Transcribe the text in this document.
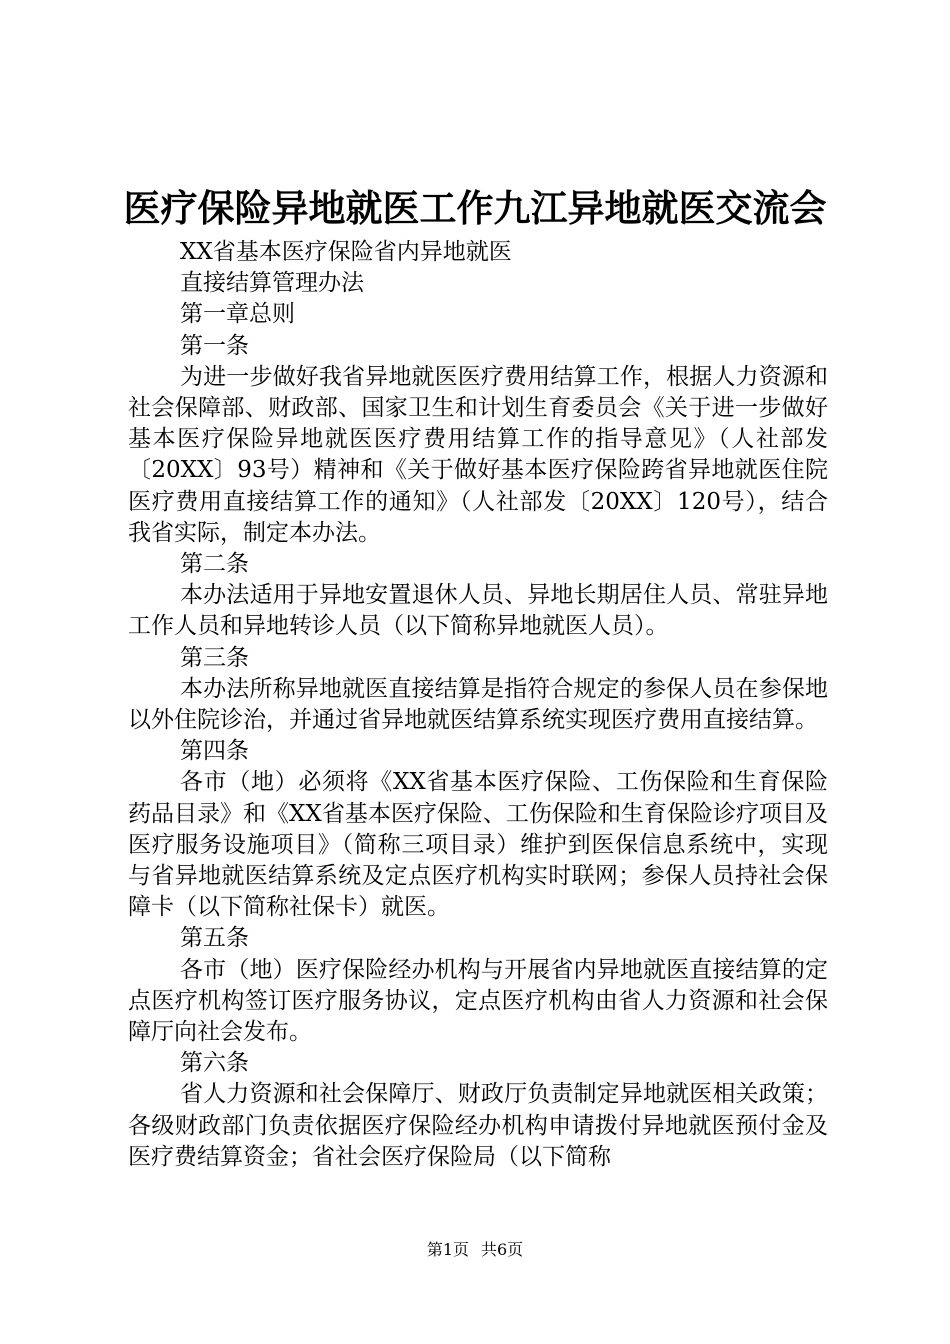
医疗保险异地就医工作九江异地就医交流会

XX省基本医疗保险省内异地就医

直接结算管理办法

第一章总则

第一条

为进一步做好我省异地就医医疗费用结算工作，根据人力资源和社会保障部、财政部、国家卫生和计划生育委员会《关于进一步做好基本医疗保险异地就医医疗费用结算工作的指导意见》（人社部发〔20XX〕93号）精神和《关于做好基本医疗保险跨省异地就医住院医疗费用直接结算工作的通知》（人社部发〔20XX〕120号），结合我省实际，制定本办法。

第二条

本办法适用于异地安置退休人员、异地长期居住人员、常驻异地工作人员和异地转诊人员（以下简称异地就医人员）。

第三条

本办法所称异地就医直接结算是指符合规定的参保人员在参保地以外住院诊治，并通过省异地就医结算系统实现医疗费用直接结算。

第四条

各市（地）必须将《XX省基本医疗保险、工伤保险和生育保险药品目录》和《XX省基本医疗保险、工伤保险和生育保险诊疗项目及医疗服务设施项目》（简称三项目录）维护到医保信息系统中，实现与省异地就医结算系统及定点医疗机构实时联网；参保人员持社会保障卡（以下简称社保卡）就医。

第五条

各市（地）医疗保险经办机构与开展省内异地就医直接结算的定点医疗机构签订医疗服务协议，定点医疗机构由省人力资源和社会保障厅向社会发布。

第六条

省人力资源和社会保障厅、财政厅负责制定异地就医相关政策；各级财政部门负责依据医疗保险经办机构申请拨付异地就医预付金及医疗费结算资金；省社会医疗保险局（以下简称

第1页 共6页
